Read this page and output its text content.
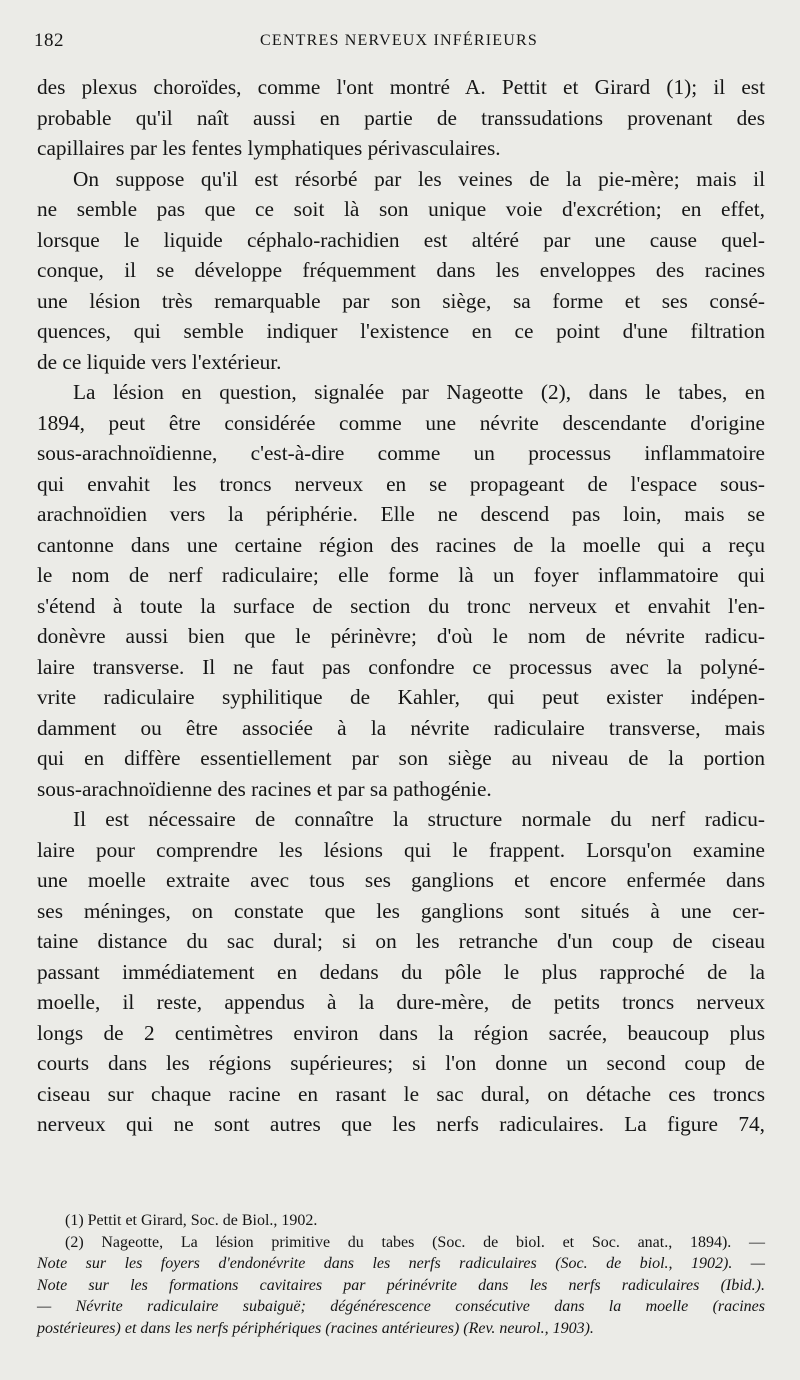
182	CENTRES NERVEUX INFÉRIEURS
des plexus choroïdes, comme l'ont montré A. Pettit et Girard (1); il est
probable qu'il naît aussi en partie de transsudations provenant des
capillaires par les fentes lymphatiques périvasculaires.
On suppose qu'il est résorbé par les veines de la pie-mère; mais il
ne semble pas que ce soit là son unique voie d'excrétion; en effet,
lorsque le liquide céphalo-rachidien est altéré par une cause quel-
conque, il se développe fréquemment dans les enveloppes des racines
une lésion très remarquable par son siège, sa forme et ses consé-
quences, qui semble indiquer l'existence en ce point d'une filtration
de ce liquide vers l'extérieur.
La lésion en question, signalée par Nageotte (2), dans le tabes, en
1894, peut être considérée comme une névrite descendante d'origine
sous-arachnoïdienne, c'est-à-dire comme un processus inflammatoire
qui envahit les troncs nerveux en se propageant de l'espace sous-
arachnoïdien vers la périphérie. Elle ne descend pas loin, mais se
cantonne dans une certaine région des racines de la moelle qui a reçu
le nom de nerf radiculaire; elle forme là un foyer inflammatoire qui
s'étend à toute la surface de section du tronc nerveux et envahit l'en-
donèvre aussi bien que le périnèvre; d'où le nom de névrite radicu-
laire transverse. Il ne faut pas confondre ce processus avec la polyné-
vrite radiculaire syphilitique de Kahler, qui peut exister indépen-
damment ou être associée à la névrite radiculaire transverse, mais
qui en diffère essentiellement par son siège au niveau de la portion
sous-arachnoïdienne des racines et par sa pathogénie.
Il est nécessaire de connaître la structure normale du nerf radicu-
laire pour comprendre les lésions qui le frappent. Lorsqu'on examine
une moelle extraite avec tous ses ganglions et encore enfermée dans
ses méninges, on constate que les ganglions sont situés à une cer-
taine distance du sac dural; si on les retranche d'un coup de ciseau
passant immédiatement en dedans du pôle le plus rapproché de la
moelle, il reste, appendus à la dure-mère, de petits troncs nerveux
longs de 2 centimètres environ dans la région sacrée, beaucoup plus
courts dans les régions supérieures; si l'on donne un second coup de
ciseau sur chaque racine en rasant le sac dural, on détache ces troncs
nerveux qui ne sont autres que les nerfs radiculaires. La figure 74,
(1) Pettit et Girard, Soc. de Biol., 1902.
(2) Nageotte, La lésion primitive du tabes (Soc. de biol. et Soc. anat., 1894). —
Note sur les foyers d'endonévrite dans les nerfs radiculaires (Soc. de biol., 1902). —
Note sur les formations cavitaires par périnévrite dans les nerfs radiculaires (Ibid.).
— Névrite radiculaire subaiguë; dégénérescence consécutive dans la moelle (racines
postérieures) et dans les nerfs périphériques (racines antérieures) (Rev. neurol., 1903).
